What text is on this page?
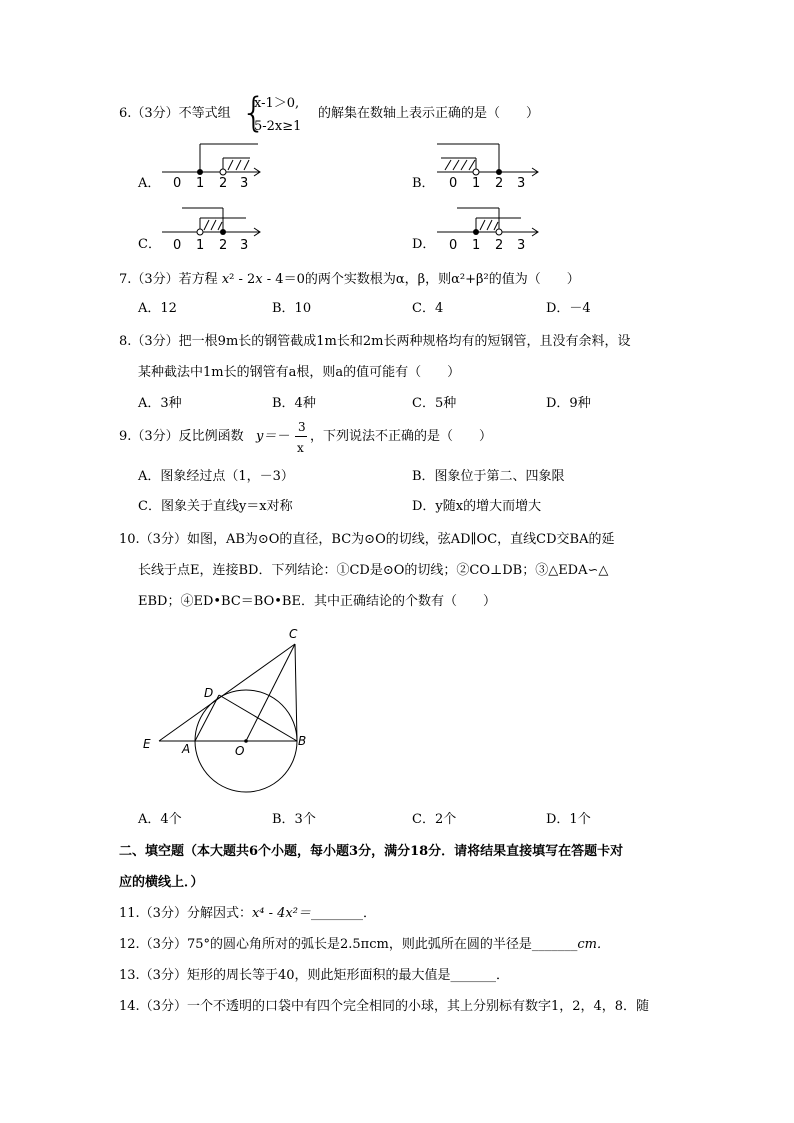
6.（3分）不等式组 {
x-1＞0,
5-2x≥1
的解集在数轴上表示正确的是（　　）
A． 0 1 2 3	B． 0 1 2 3
C． 0 1 2 3	D． 0 1 2 3
7.（3分）若方程 x² - 2x - 4＝0的两个实数根为α，β，则α²+β²的值为（　　）
A．12	B．10	C．4	D．－4
8.（3分）把一根9m长的钢管截成1m长和2m长两种规格均有的短钢管，且没有余料，设
某种截法中1m长的钢管有a根，则a的值可能有（　　）
A．3种	B．4种	C．5种	D．9种
9.（3分）反比例函数 y＝－
3
x
，下列说法不正确的是（　　）
A．图象经过点（1，－3）	B．图象位于第二、四象限
C．图象关于直线y＝x对称	D．y随x的增大而增大
10.（3分）如图，AB为⊙O的直径，BC为⊙O的切线，弦AD∥OC，直线CD交BA的延
长线于点E，连接BD．下列结论：①CD是⊙O的切线；②CO⊥DB；③△EDA∽△
EBD；④ED•BC＝BO•BE．其中正确结论的个数有（　　）
C
D
E	A	O
B
A．4个	B．3个	C．2个	D．1个
二、填空题（本大题共6个小题，每小题3分，满分18分．请将结果直接填写在答题卡对
应的横线上．）
11.（3分）分解因式：x⁴ - 4x²＝________．
12.（3分）75°的圆心角所对的弧长是2.5πcm，则此弧所在圆的半径是_______cm．
13.（3分）矩形的周长等于40，则此矩形面积的最大值是_______．
14.（3分）一个不透明的口袋中有四个完全相同的小球，其上分别标有数字1，2，4，8．随
